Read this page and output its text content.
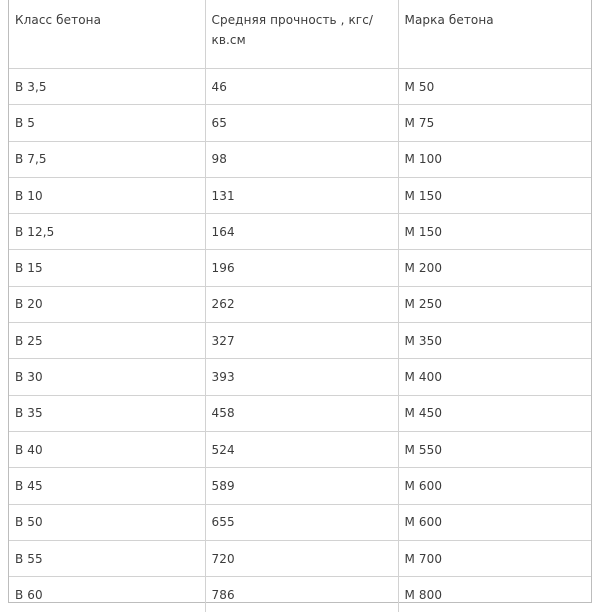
Класс бетона	Средняя прочность , кгс/кв.см	Марка бетона
В 3,5	46	М 50
В 5	65	М 75
В 7,5	98	М 100
В 10	131	М 150
В 12,5	164	М 150
В 15	196	М 200
В 20	262	М 250
В 25	327	М 350
В 30	393	М 400
В 35	458	М 450
В 40	524	М 550
В 45	589	М 600
В 50	655	М 600
В 55	720	М 700
В 60	786	М 800
